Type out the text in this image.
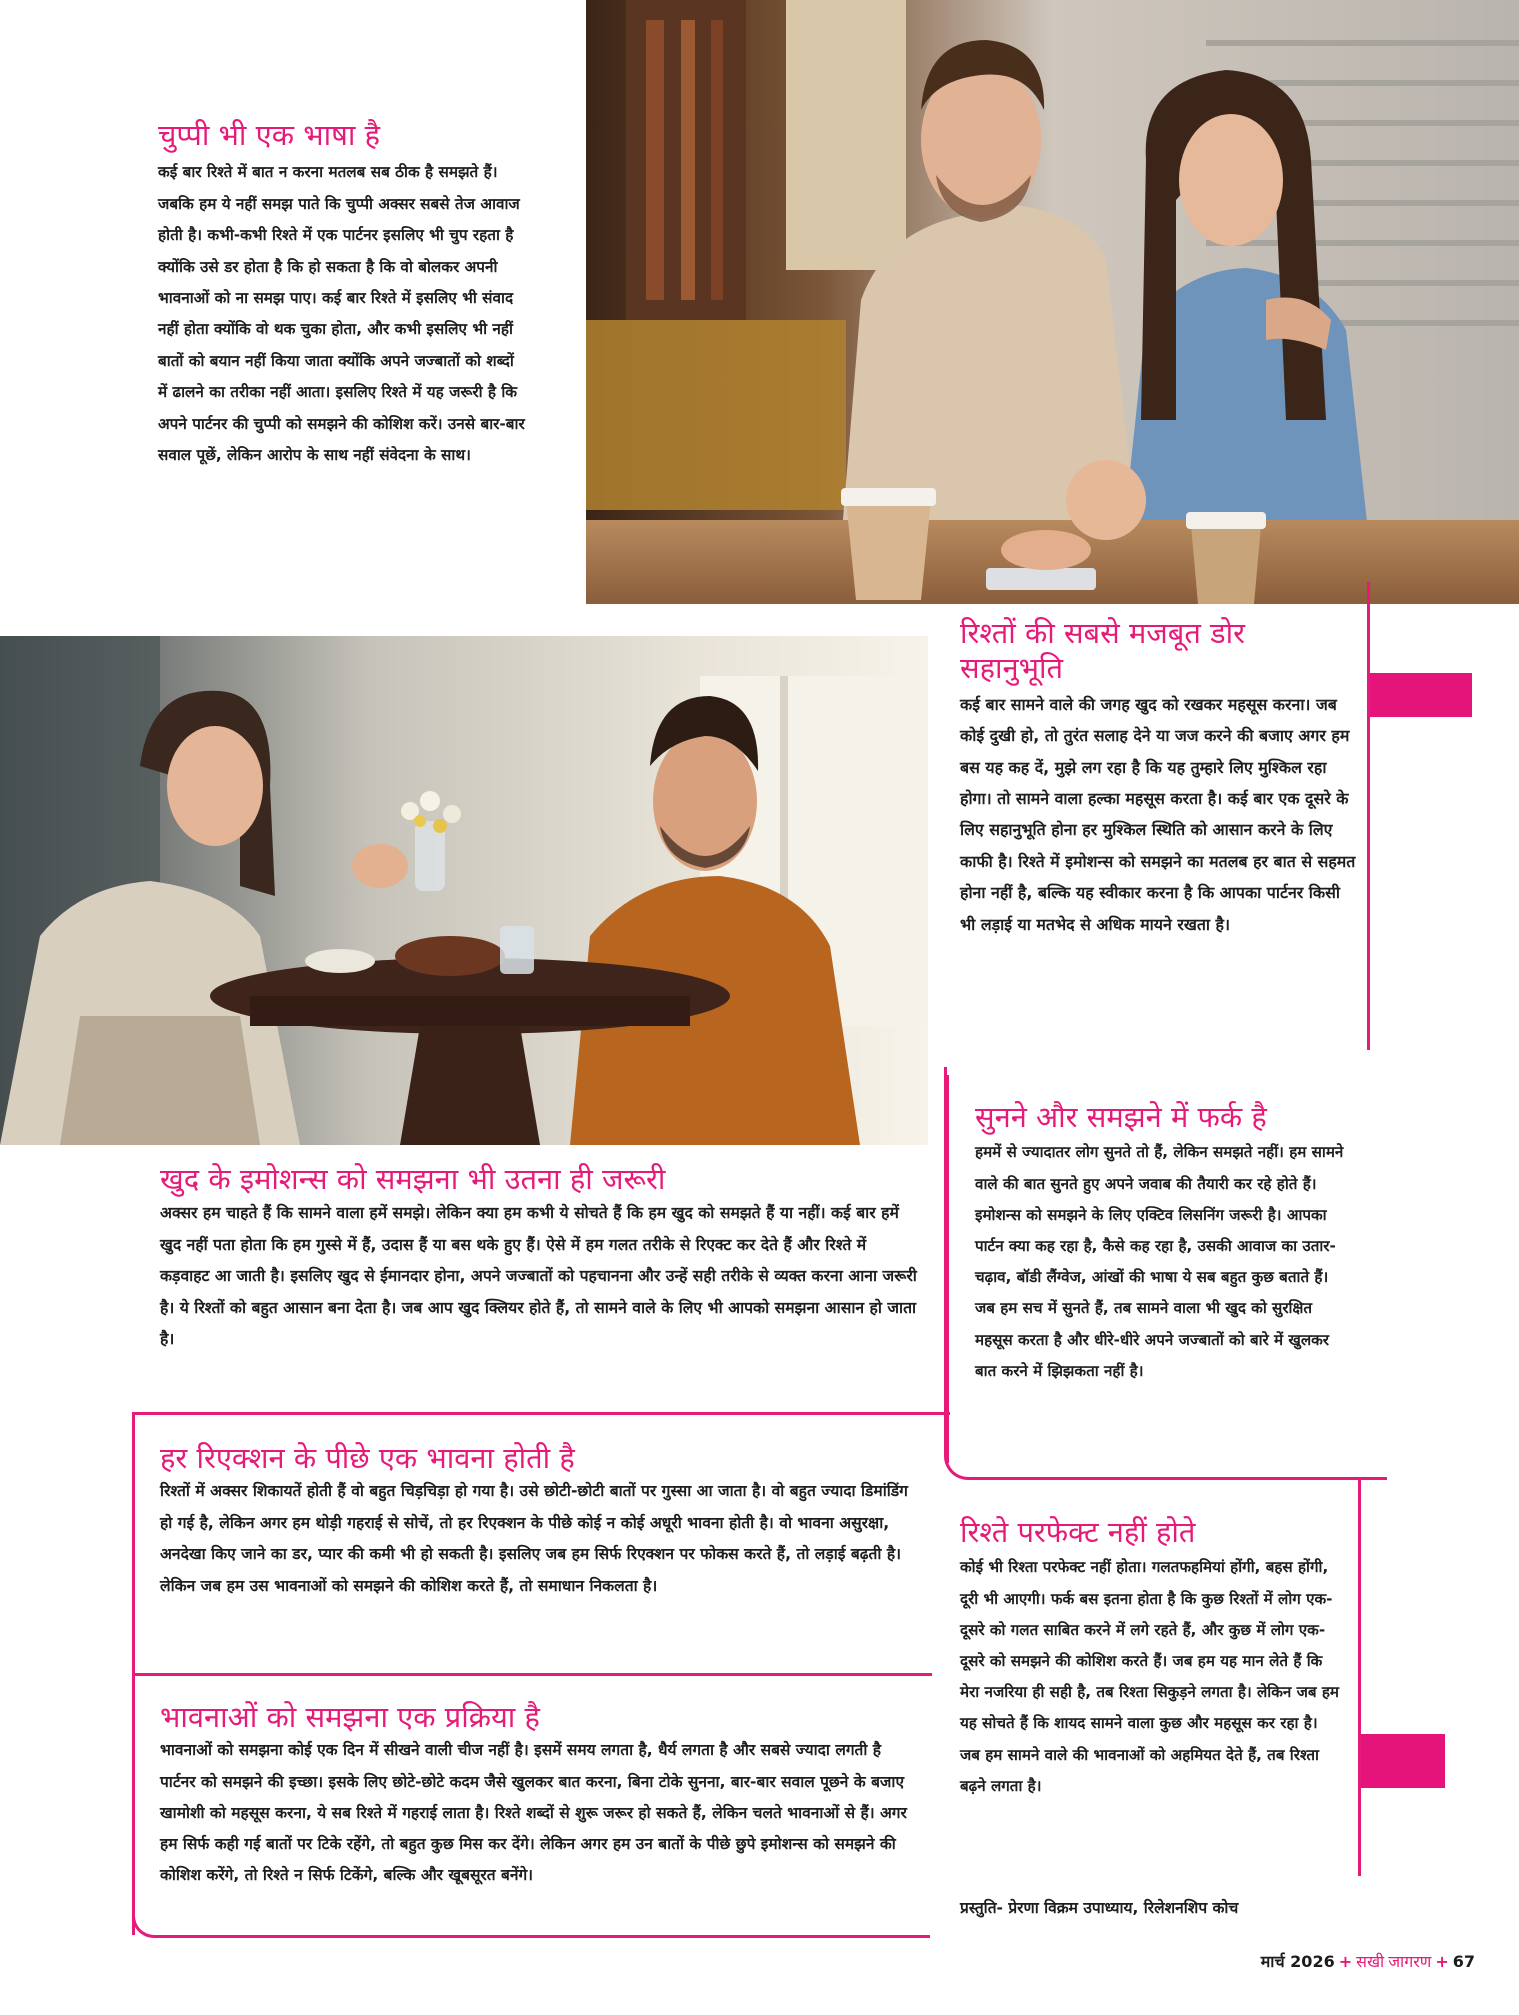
चुप्पी भी एक भाषा है

कई बार रिश्ते में बात न करना मतलब सब ठीक है समझते हैं। जबकि हम ये नहीं समझ पाते कि चुप्पी अक्सर सबसे तेज आवाज होती है। कभी-कभी रिश्ते में एक पार्टनर इसलिए भी चुप रहता है क्योंकि उसे डर होता है कि हो सकता है कि वो बोलकर अपनी भावनाओं को ना समझ पाए। कई बार रिश्ते में इसलिए भी संवाद नहीं होता क्योंकि वो थक चुका होता, और कभी इसलिए भी नहीं बातों को बयान नहीं किया जाता क्योंकि अपने जज्बातों को शब्दों में ढालने का तरीका नहीं आता। इसलिए रिश्ते में यह जरूरी है कि अपने पार्टनर की चुप्पी को समझने की कोशिश करें। उनसे बार-बार सवाल पूछें, लेकिन आरोप के साथ नहीं संवेदना के साथ।

रिश्तों की सबसे मजबूत डोर सहानुभूति

कई बार सामने वाले की जगह खुद को रखकर महसूस करना। जब कोई दुखी हो, तो तुरंत सलाह देने या जज करने की बजाए अगर हम बस यह कह दें, मुझे लग रहा है कि यह तुम्हारे लिए मुश्किल रहा होगा। तो सामने वाला हल्का महसूस करता है। कई बार एक दूसरे के लिए सहानुभूति होना हर मुश्किल स्थिति को आसान करने के लिए काफी है। रिश्ते में इमोशन्स को समझने का मतलब हर बात से सहमत होना नहीं है, बल्कि यह स्वीकार करना है कि आपका पार्टनर किसी भी लड़ाई या मतभेद से अधिक मायने रखता है।

सुनने और समझने में फर्क है

हममें से ज्यादातर लोग सुनते तो हैं, लेकिन समझते नहीं। हम सामने वाले की बात सुनते हुए अपने जवाब की तैयारी कर रहे होते हैं। इमोशन्स को समझने के लिए एक्टिव लिसनिंग जरूरी है। आपका पार्टन क्या कह रहा है, कैसे कह रहा है, उसकी आवाज का उतार-चढ़ाव, बॉडी लैंग्वेज, आंखों की भाषा ये सब बहुत कुछ बताते हैं। जब हम सच में सुनते हैं, तब सामने वाला भी खुद को सुरक्षित महसूस करता है और धीरे-धीरे अपने जज्बातों को बारे में खुलकर बात करने में झिझकता नहीं है।

खुद के इमोशन्स को समझना भी उतना ही जरूरी

अक्सर हम चाहते हैं कि सामने वाला हमें समझे। लेकिन क्या हम कभी ये सोचते हैं कि हम खुद को समझते हैं या नहीं। कई बार हमें खुद नहीं पता होता कि हम गुस्से में हैं, उदास हैं या बस थके हुए हैं। ऐसे में हम गलत तरीके से रिएक्ट कर देते हैं और रिश्ते में कड़वाहट आ जाती है। इसलिए खुद से ईमानदार होना, अपने जज्बातों को पहचानना और उन्हें सही तरीके से व्यक्त करना आना जरूरी है। ये रिश्तों को बहुत आसान बना देता है। जब आप खुद क्लियर होते हैं, तो सामने वाले के लिए भी आपको समझना आसान हो जाता है।

हर रिएक्शन के पीछे एक भावना होती है

रिश्तों में अक्सर शिकायतें होती हैं वो बहुत चिड़चिड़ा हो गया है। उसे छोटी-छोटी बातों पर गुस्सा आ जाता है। वो बहुत ज्यादा डिमांडिंग हो गई है, लेकिन अगर हम थोड़ी गहराई से सोचें, तो हर रिएक्शन के पीछे कोई न कोई अधूरी भावना होती है। वो भावना असुरक्षा, अनदेखा किए जाने का डर, प्यार की कमी भी हो सकती है। इसलिए जब हम सिर्फ रिएक्शन पर फोकस करते हैं, तो लड़ाई बढ़ती है। लेकिन जब हम उस भावनाओं को समझने की कोशिश करते हैं, तो समाधान निकलता है।

रिश्ते परफेक्ट नहीं होते

कोई भी रिश्ता परफेक्ट नहीं होता। गलतफहमियां होंगी, बहस होंगी, दूरी भी आएगी। फर्क बस इतना होता है कि कुछ रिश्तों में लोग एक-दूसरे को गलत साबित करने में लगे रहते हैं, और कुछ में लोग एक-दूसरे को समझने की कोशिश करते हैं। जब हम यह मान लेते हैं कि मेरा नजरिया ही सही है, तब रिश्ता सिकुड़ने लगता है। लेकिन जब हम यह सोचते हैं कि शायद सामने वाला कुछ और महसूस कर रहा है। जब हम सामने वाले की भावनाओं को अहमियत देते हैं, तब रिश्ता बढ़ने लगता है।

भावनाओं को समझना एक प्रक्रिया है

भावनाओं को समझना कोई एक दिन में सीखने वाली चीज नहीं है। इसमें समय लगता है, धैर्य लगता है और सबसे ज्यादा लगती है पार्टनर को समझने की इच्छा। इसके लिए छोटे-छोटे कदम जैसे खुलकर बात करना, बिना टोके सुनना, बार-बार सवाल पूछने के बजाए खामोशी को महसूस करना, ये सब रिश्ते में गहराई लाता है। रिश्ते शब्दों से शुरू जरूर हो सकते हैं, लेकिन चलते भावनाओं से हैं। अगर हम सिर्फ कही गई बातों पर टिके रहेंगे, तो बहुत कुछ मिस कर देंगे। लेकिन अगर हम उन बातों के पीछे छुपे इमोशन्स को समझने की कोशिश करेंगे, तो रिश्ते न सिर्फ टिकेंगे, बल्कि और खूबसूरत बनेंगे।

प्रस्तुति- प्रेरणा विक्रम उपाध्याय, रिलेशनशिप कोच

मार्च 2026 + सखी जागरण + 67
